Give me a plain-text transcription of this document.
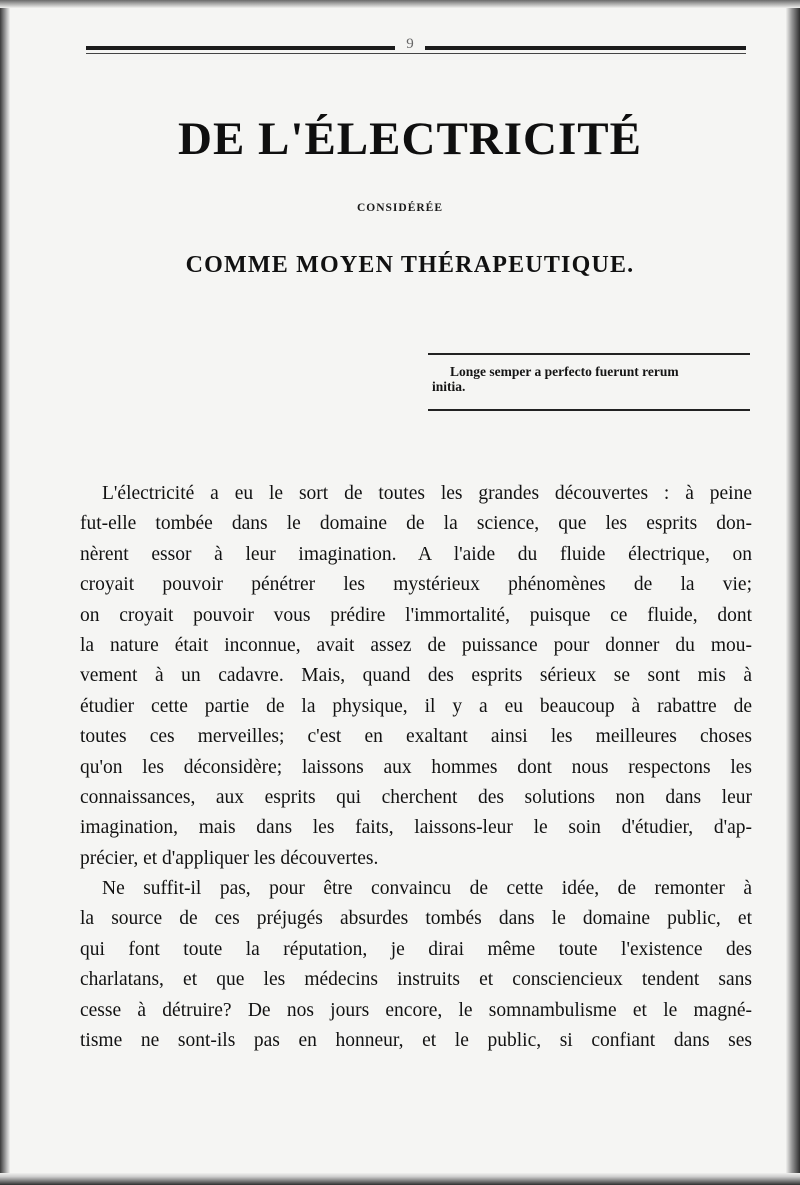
9
DE L'ÉLECTRICITÉ
CONSIDÉRÉE
COMME MOYEN THÉRAPEUTIQUE.
Longe semper a perfecto fuerunt rerum
initia.
L'électricité a eu le sort de toutes les grandes découvertes : à peine
fut-elle tombée dans le domaine de la science, que les esprits don-
nèrent essor à leur imagination. A l'aide du fluide électrique, on
croyait pouvoir pénétrer les mystérieux phénomènes de la vie;
on croyait pouvoir vous prédire l'immortalité, puisque ce fluide, dont
la nature était inconnue, avait assez de puissance pour donner du mou-
vement à un cadavre. Mais, quand des esprits sérieux se sont mis à
étudier cette partie de la physique, il y a eu beaucoup à rabattre de
toutes ces merveilles; c'est en exaltant ainsi les meilleures choses
qu'on les déconsidère; laissons aux hommes dont nous respectons les
connaissances, aux esprits qui cherchent des solutions non dans leur
imagination, mais dans les faits, laissons-leur le soin d'étudier, d'ap-
précier, et d'appliquer les découvertes.
Ne suffit-il pas, pour être convaincu de cette idée, de remonter à
la source de ces préjugés absurdes tombés dans le domaine public, et
qui font toute la réputation, je dirai même toute l'existence des
charlatans, et que les médecins instruits et consciencieux tendent sans
cesse à détruire? De nos jours encore, le somnambulisme et le magné-
tisme ne sont-ils pas en honneur, et le public, si confiant dans ses
